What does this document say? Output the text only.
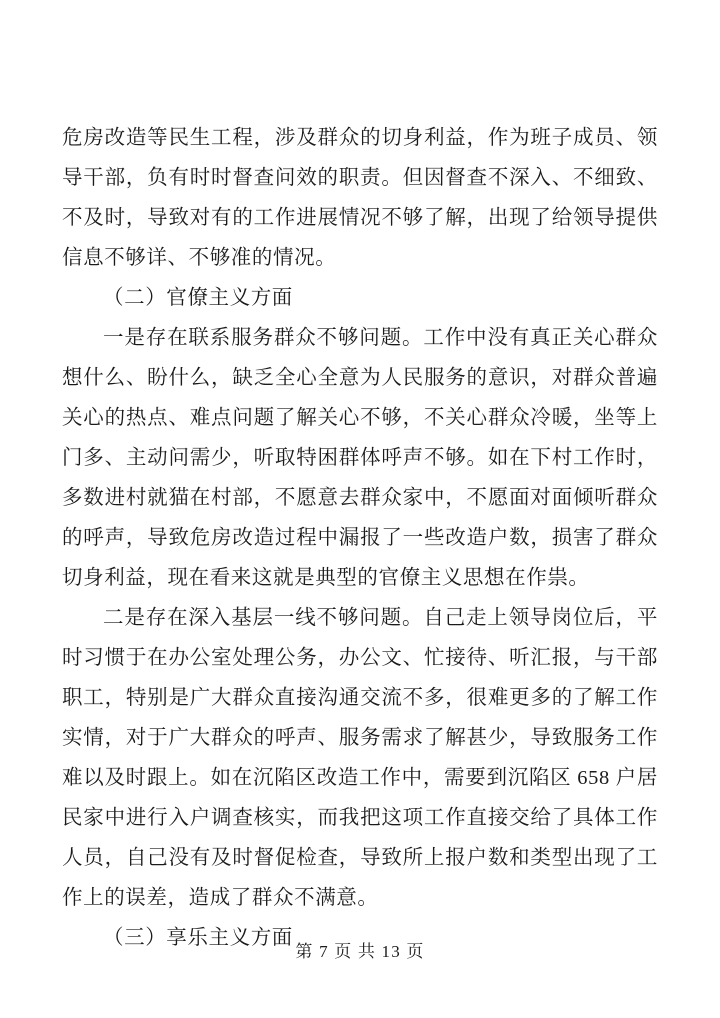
危房改造等民生工程，涉及群众的切身利益，作为班子成员、领导干部，负有时时督查问效的职责。但因督查不深入、不细致、不及时，导致对有的工作进展情况不够了解，出现了给领导提供信息不够详、不够准的情况。

（二）官僚主义方面

一是存在联系服务群众不够问题。工作中没有真正关心群众想什么、盼什么，缺乏全心全意为人民服务的意识，对群众普遍关心的热点、难点问题了解关心不够，不关心群众冷暖，坐等上门多、主动问需少，听取特困群体呼声不够。如在下村工作时，多数进村就猫在村部，不愿意去群众家中，不愿面对面倾听群众的呼声，导致危房改造过程中漏报了一些改造户数，损害了群众切身利益，现在看来这就是典型的官僚主义思想在作祟。

二是存在深入基层一线不够问题。自己走上领导岗位后，平时习惯于在办公室处理公务，办公文、忙接待、听汇报，与干部职工，特别是广大群众直接沟通交流不多，很难更多的了解工作实情，对于广大群众的呼声、服务需求了解甚少，导致服务工作难以及时跟上。如在沉陷区改造工作中，需要到沉陷区 658 户居民家中进行入户调查核实，而我把这项工作直接交给了具体工作人员，自己没有及时督促检查，导致所上报户数和类型出现了工作上的误差，造成了群众不满意。

（三）享乐主义方面

第 7 页 共 13 页
